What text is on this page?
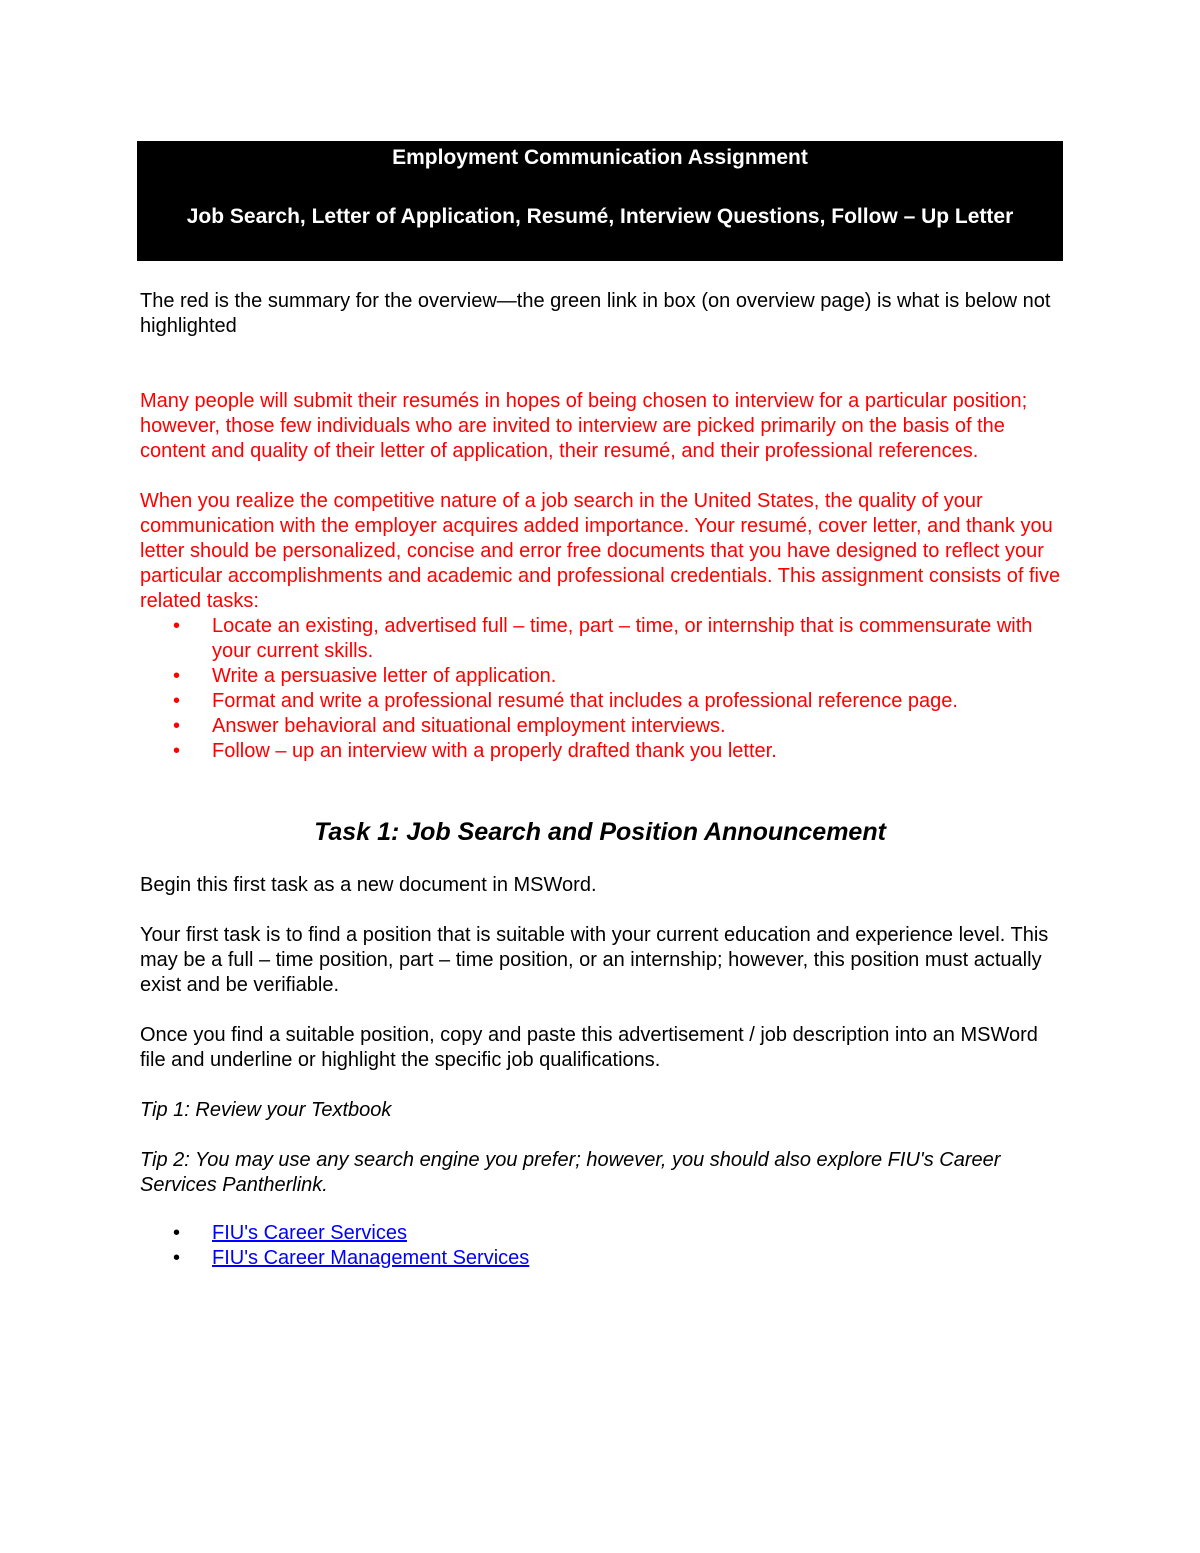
Employment Communication Assignment

Job Search, Letter of Application, Resumé, Interview Questions, Follow – Up Letter

The red is the summary for the overview—the green link in box (on overview page) is what is below not highlighted

Many people will submit their resumés in hopes of being chosen to interview for a particular position; however, those few individuals who are invited to interview are picked primarily on the basis of the content and quality of their letter of application, their resumé, and their professional references.

When you realize the competitive nature of a job search in the United States, the quality of your communication with the employer acquires added importance. Your resumé, cover letter, and thank you letter should be personalized, concise and error free documents that you have designed to reflect your particular accomplishments and academic and professional credentials. This assignment consists of five related tasks:

• Locate an existing, advertised full – time, part – time, or internship that is commensurate with your current skills.
• Write a persuasive letter of application.
• Format and write a professional resumé that includes a professional reference page.
• Answer behavioral and situational employment interviews.
• Follow – up an interview with a properly drafted thank you letter.
Task 1: Job Search and Position Announcement

Begin this first task as a new document in MSWord.

Your first task is to find a position that is suitable with your current education and experience level. This may be a full – time position, part – time position, or an internship; however, this position must actually exist and be verifiable.

Once you find a suitable position, copy and paste this advertisement / job description into an MSWord file and underline or highlight the specific job qualifications.

Tip 1: Review your Textbook

Tip 2: You may use any search engine you prefer; however, you should also explore FIU's Career Services Pantherlink.

• FIU's Career Services
• FIU's Career Management Services
